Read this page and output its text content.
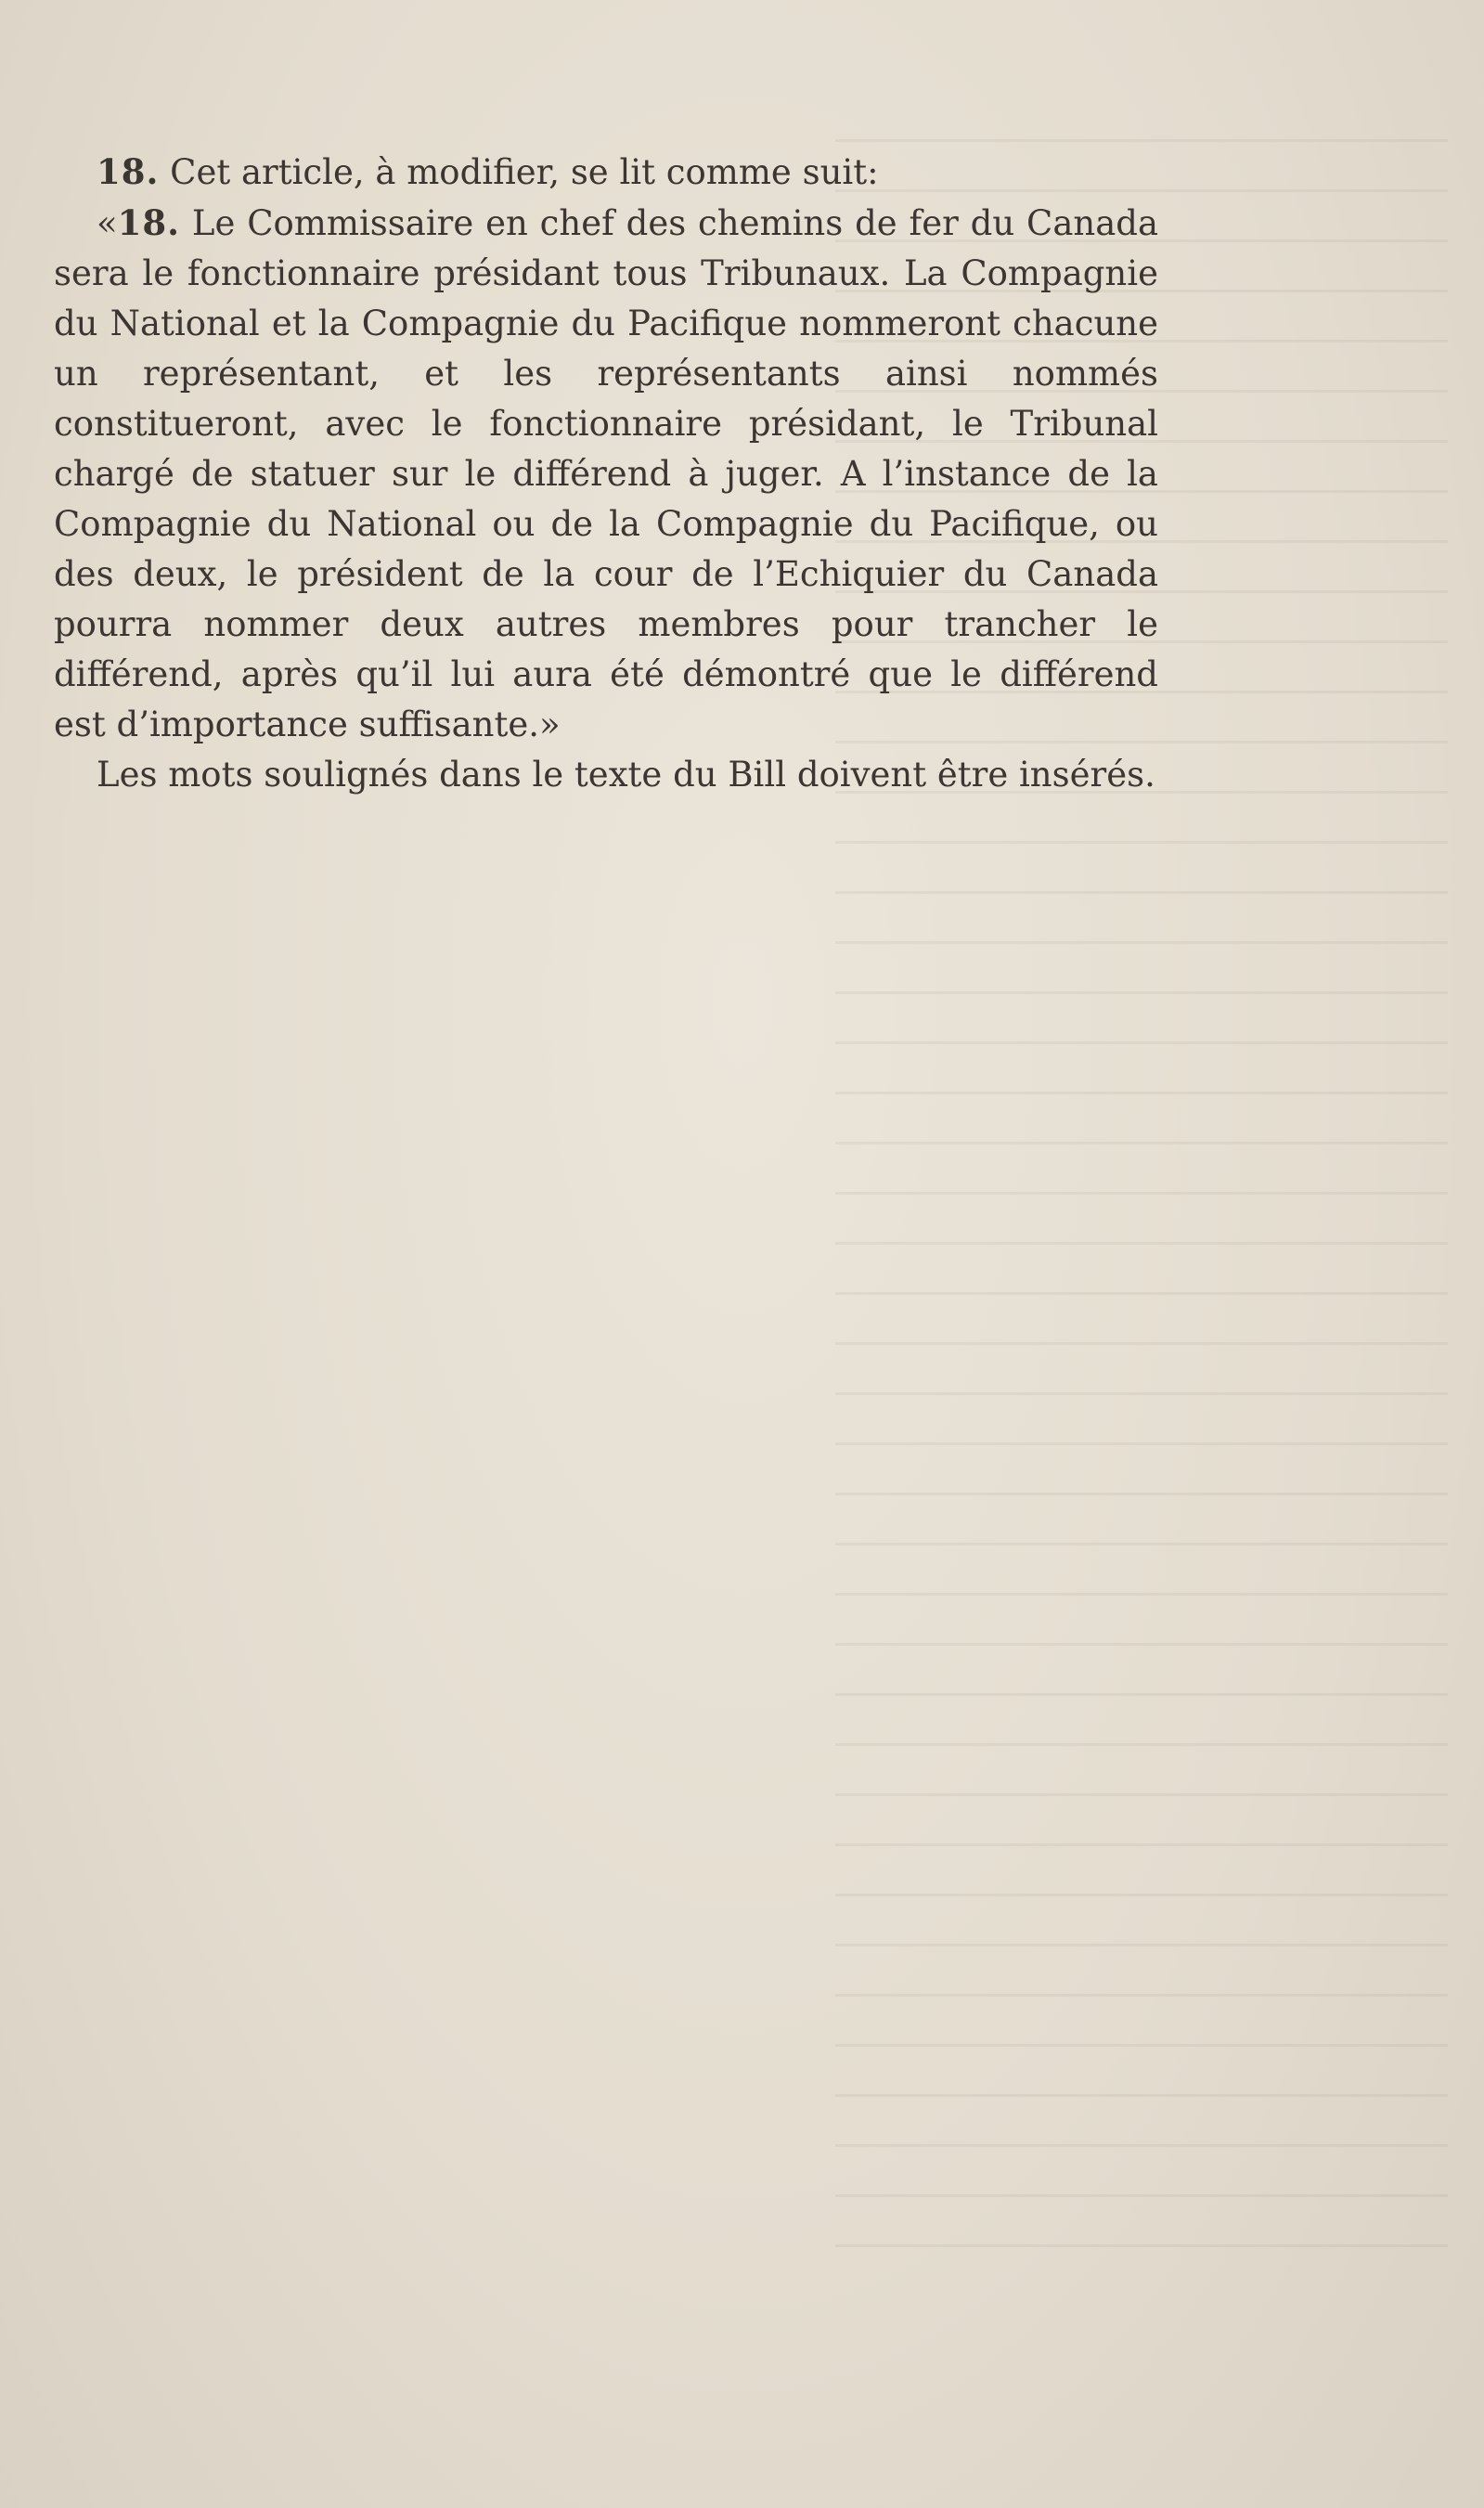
18. Cet article, à modifier, se lit comme suit:

«18. Le Commissaire en chef des chemins de fer du Canada sera le fonctionnaire présidant tous Tribunaux. La Compagnie du National et la Compagnie du Pacifique nommeront chacune un représentant, et les représentants ainsi nommés constitueront, avec le fonctionnaire présidant, le Tribunal chargé de statuer sur le différend à juger. A l’instance de la Compagnie du National ou de la Compagnie du Pacifique, ou des deux, le président de la cour de l’Echiquier du Canada pourra nommer deux autres membres pour trancher le différend, après qu’il lui aura été démontré que le différend est d’importance suffisante.»

Les mots soulignés dans le texte du Bill doivent être insérés.
